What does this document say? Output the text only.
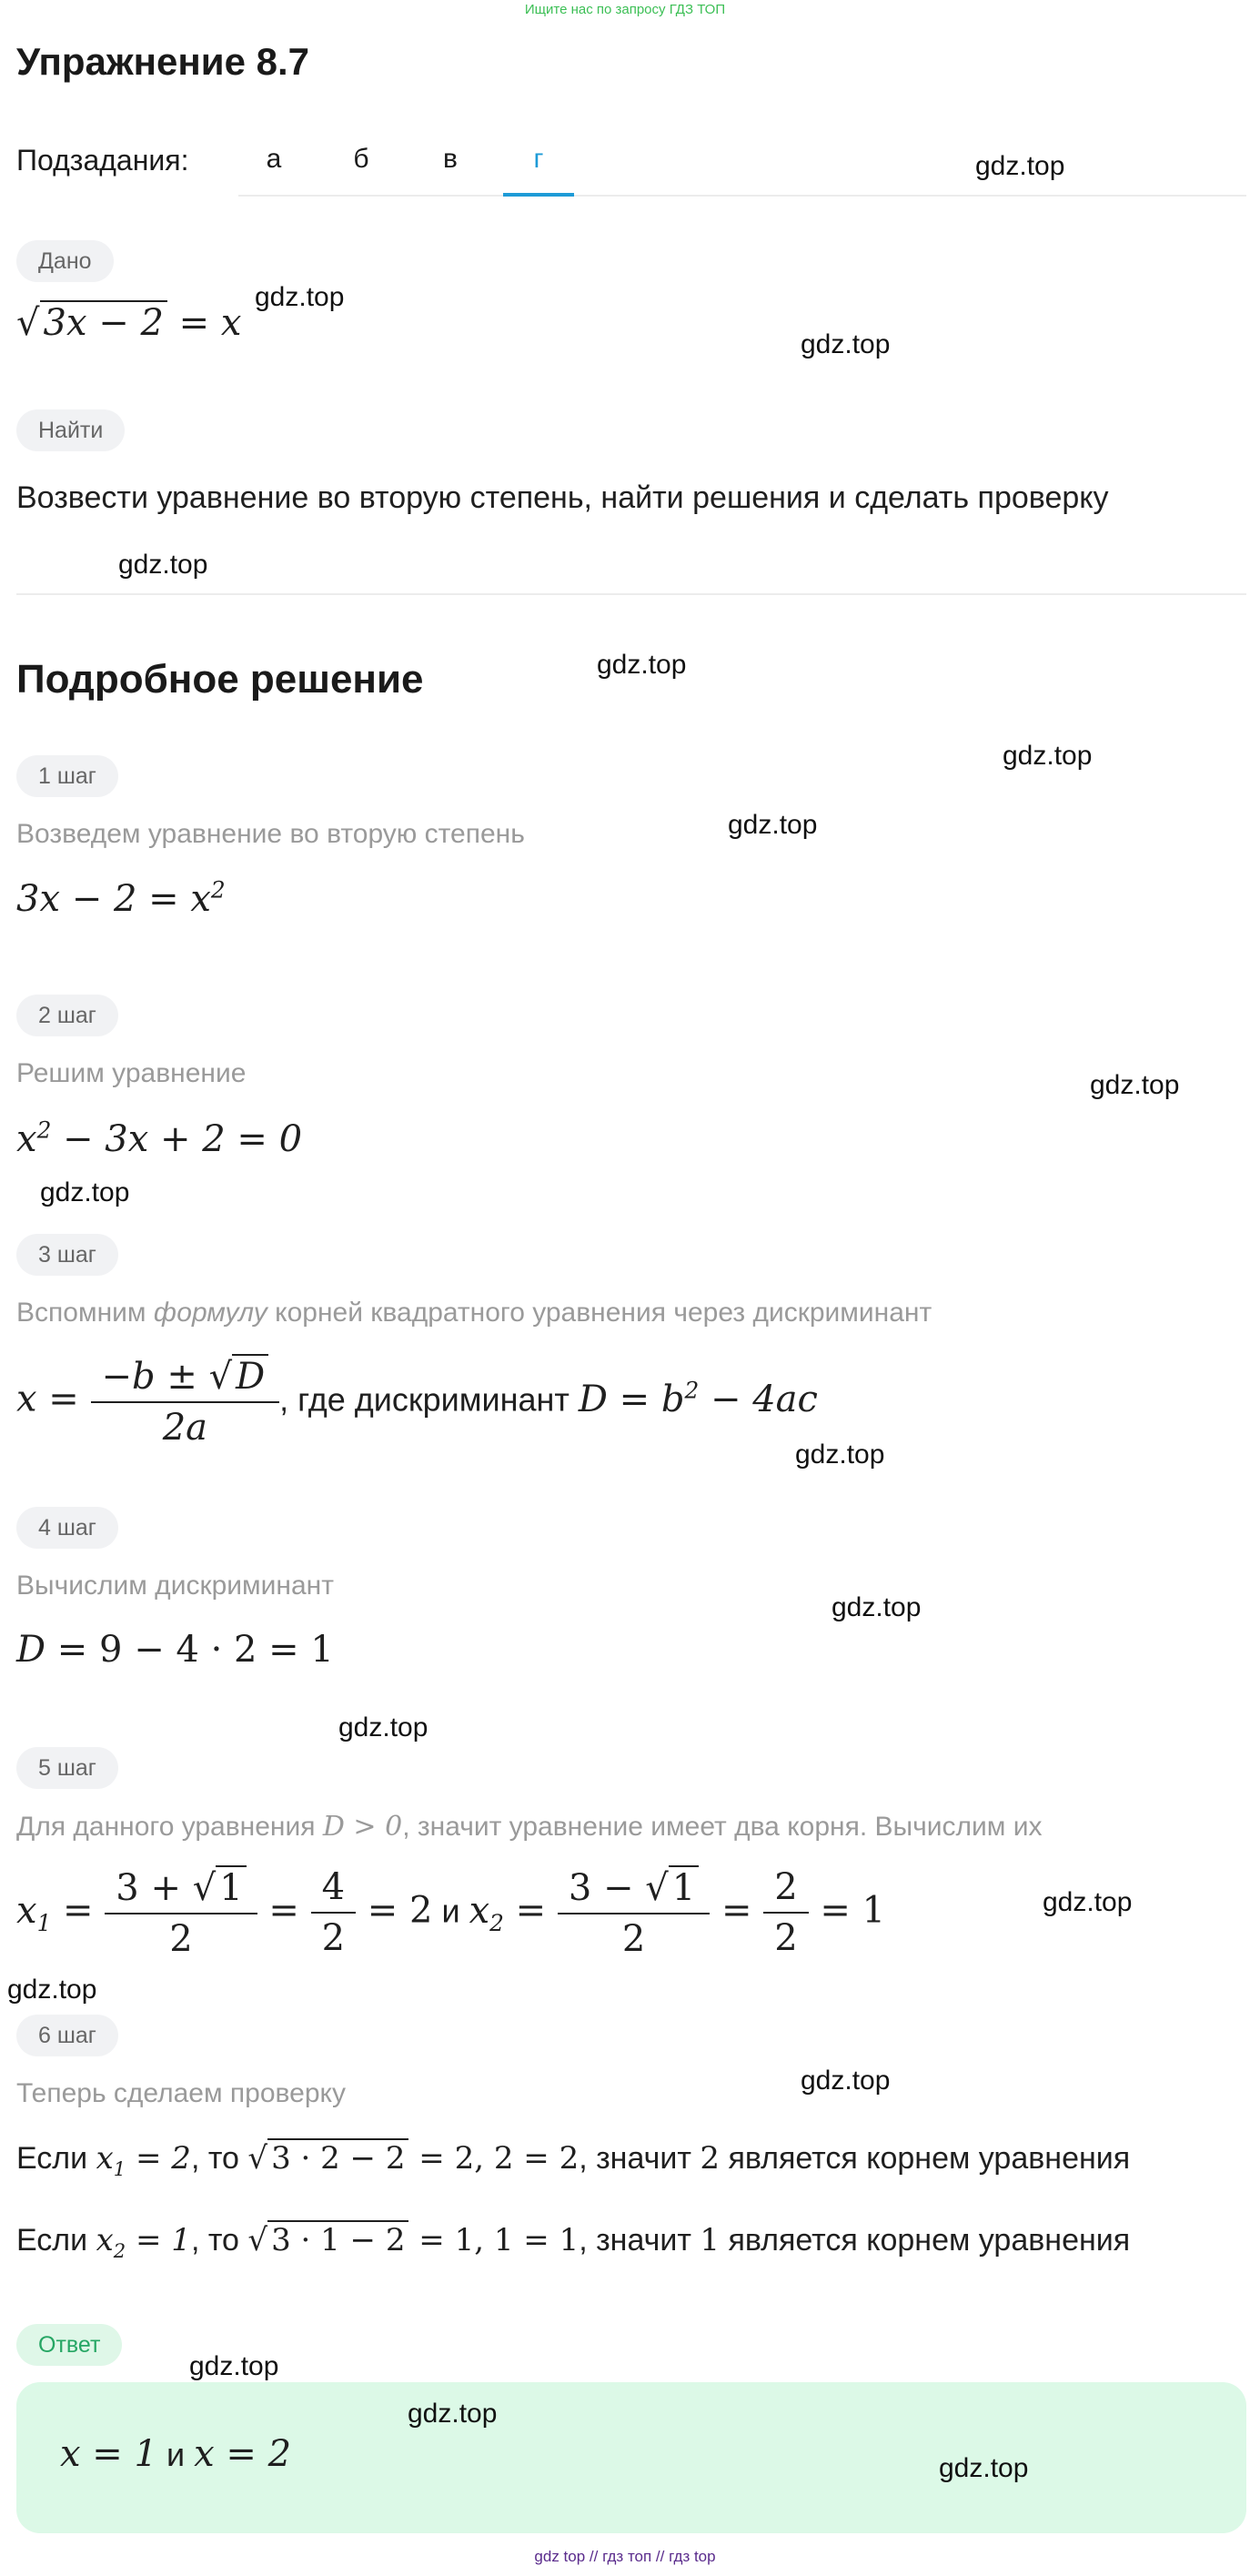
Ищите нас по запросу ГДЗ ТОП
Упражнение 8.7
Подзадания:	а	б	в	г
Дано
√ 3x − 2 = x
Найти
Возвести уравнение во вторую степень, найти решения и сделать проверку
Подробное решение
1 шаг
Возведем уравнение во вторую степень
$3x - 2 = x^2$
2 шаг
Решим уравнение
$x^2 - 3x + 2 = 0$
3 шаг
Вспомним формулу корней квадратного уравнения через дискриминант
$x = \frac{-b \pm √ D}{2a}$ , где дискриминант $D = b^2 - 4ac$
4 шаг
Вычислим дискриминант
D = 9 − 4 · 2 = 1
5 шаг
Для данного уравнения D > 0, значит уравнение имеет два корня. Вычислим их
$x_1 = \frac{3 + √ 1}{2} = \frac{4}{2} = 2$ и $x_2 = \frac{3 - √ 1}{2} = \frac{2}{2} = 1$
6 шаг
Теперь сделаем проверку
Если $x_1 = 2$, то √ 3 · 2 − 2 = 2, 2 = 2, значит 2 является корнем уравнения
Если $x_2 = 1$, то √ 3 · 1 − 2 = 1, 1 = 1, значит 1 является корнем уравнения
Ответ
x = 1 и x = 2
gdz.top
gdz.top
gdz.top
gdz.top
gdz.top
gdz.top
gdz.top
gdz.top
gdz.top
gdz.top
gdz.top
gdz.top
gdz.top
gdz.top
gdz.top
gdz.top
gdz.top
gdz.top
gdz top // гдз топ // гдз top
